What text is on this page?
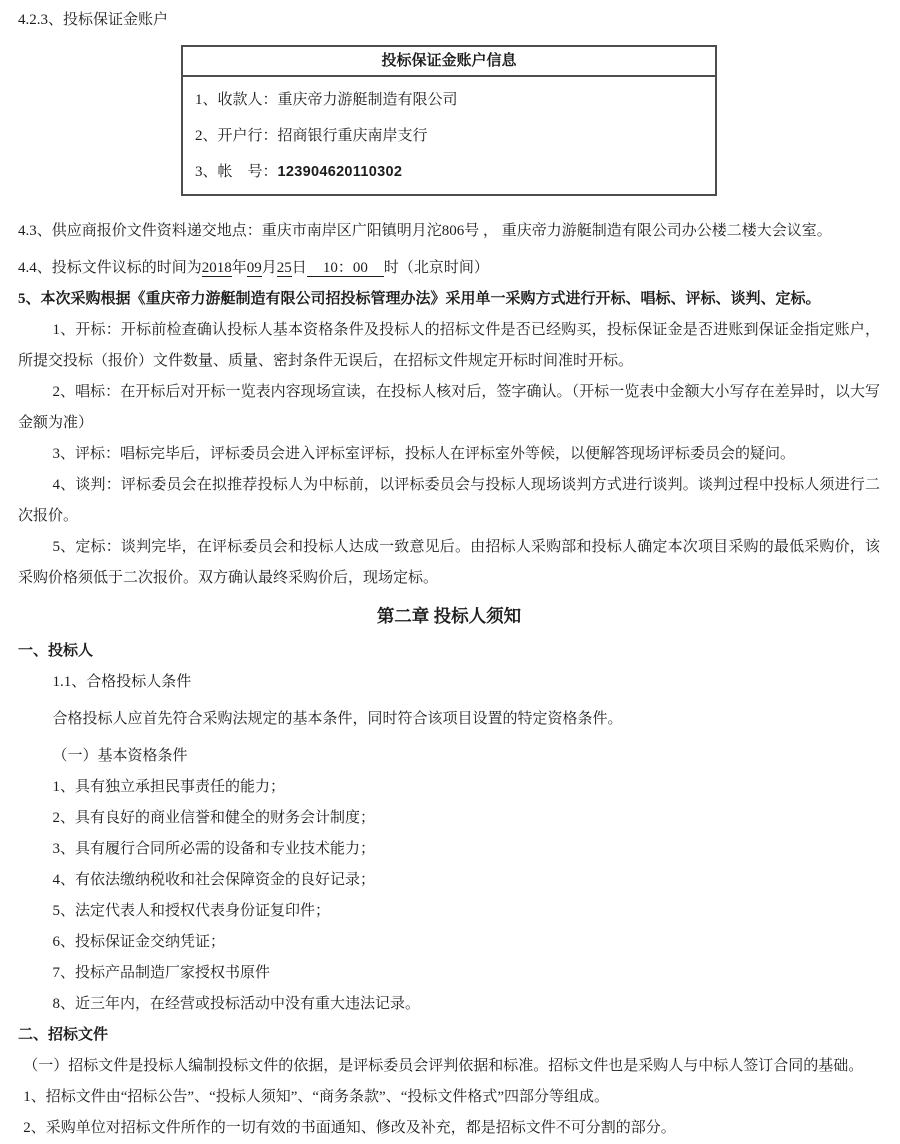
4.2.3、投标保证金账户

投标保证金账户信息

1、收款人：重庆帝力游艇制造有限公司

2、开户行：招商银行重庆南岸支行

3、帐　号：123904620110302

4.3、供应商报价文件资料递交地点：重庆市南岸区广阳镇明月沱806号 ， 重庆帝力游艇制造有限公司办公楼二楼大会议室。

4.4、投标文件议标的时间为2018年09月25日 10：00 时（北京时间）

5、本次采购根据《重庆帝力游艇制造有限公司招投标管理办法》采用单一采购方式进行开标、唱标、评标、谈判、定标。

1、开标：开标前检查确认投标人基本资格条件及投标人的招标文件是否已经购买，投标保证金是否进账到保证金指定账户，所提交投标（报价）文件数量、质量、密封条件无误后，在招标文件规定开标时间准时开标。

2、唱标：在开标后对开标一览表内容现场宣读，在投标人核对后，签字确认。（开标一览表中金额大小写存在差异时，以大写金额为准）

3、评标：唱标完毕后，评标委员会进入评标室评标，投标人在评标室外等候，以便解答现场评标委员会的疑问。

4、谈判：评标委员会在拟推荐投标人为中标前，以评标委员会与投标人现场谈判方式进行谈判。谈判过程中投标人须进行二次报价。

5、定标：谈判完毕，在评标委员会和投标人达成一致意见后。由招标人采购部和投标人确定本次项目采购的最低采购价，该采购价格须低于二次报价。双方确认最终采购价后，现场定标。

第二章 投标人须知

一、投标人

1.1、合格投标人条件

合格投标人应首先符合采购法规定的基本条件，同时符合该项目设置的特定资格条件。

（一）基本资格条件

1、具有独立承担民事责任的能力；

2、具有良好的商业信誉和健全的财务会计制度；

3、具有履行合同所必需的设备和专业技术能力；

4、有依法缴纳税收和社会保障资金的良好记录；

5、法定代表人和授权代表身份证复印件；

6、投标保证金交纳凭证；

7、投标产品制造厂家授权书原件

8、近三年内，在经营或投标活动中没有重大违法记录。

二、招标文件

（一）招标文件是投标人编制投标文件的依据，是评标委员会评判依据和标准。招标文件也是采购人与中标人签订合同的基础。

1、招标文件由“招标公告”、“投标人须知”、“商务条款”、“投标文件格式”四部分等组成。

2、采购单位对招标文件所作的一切有效的书面通知、修改及补充，都是招标文件不可分割的部分。
